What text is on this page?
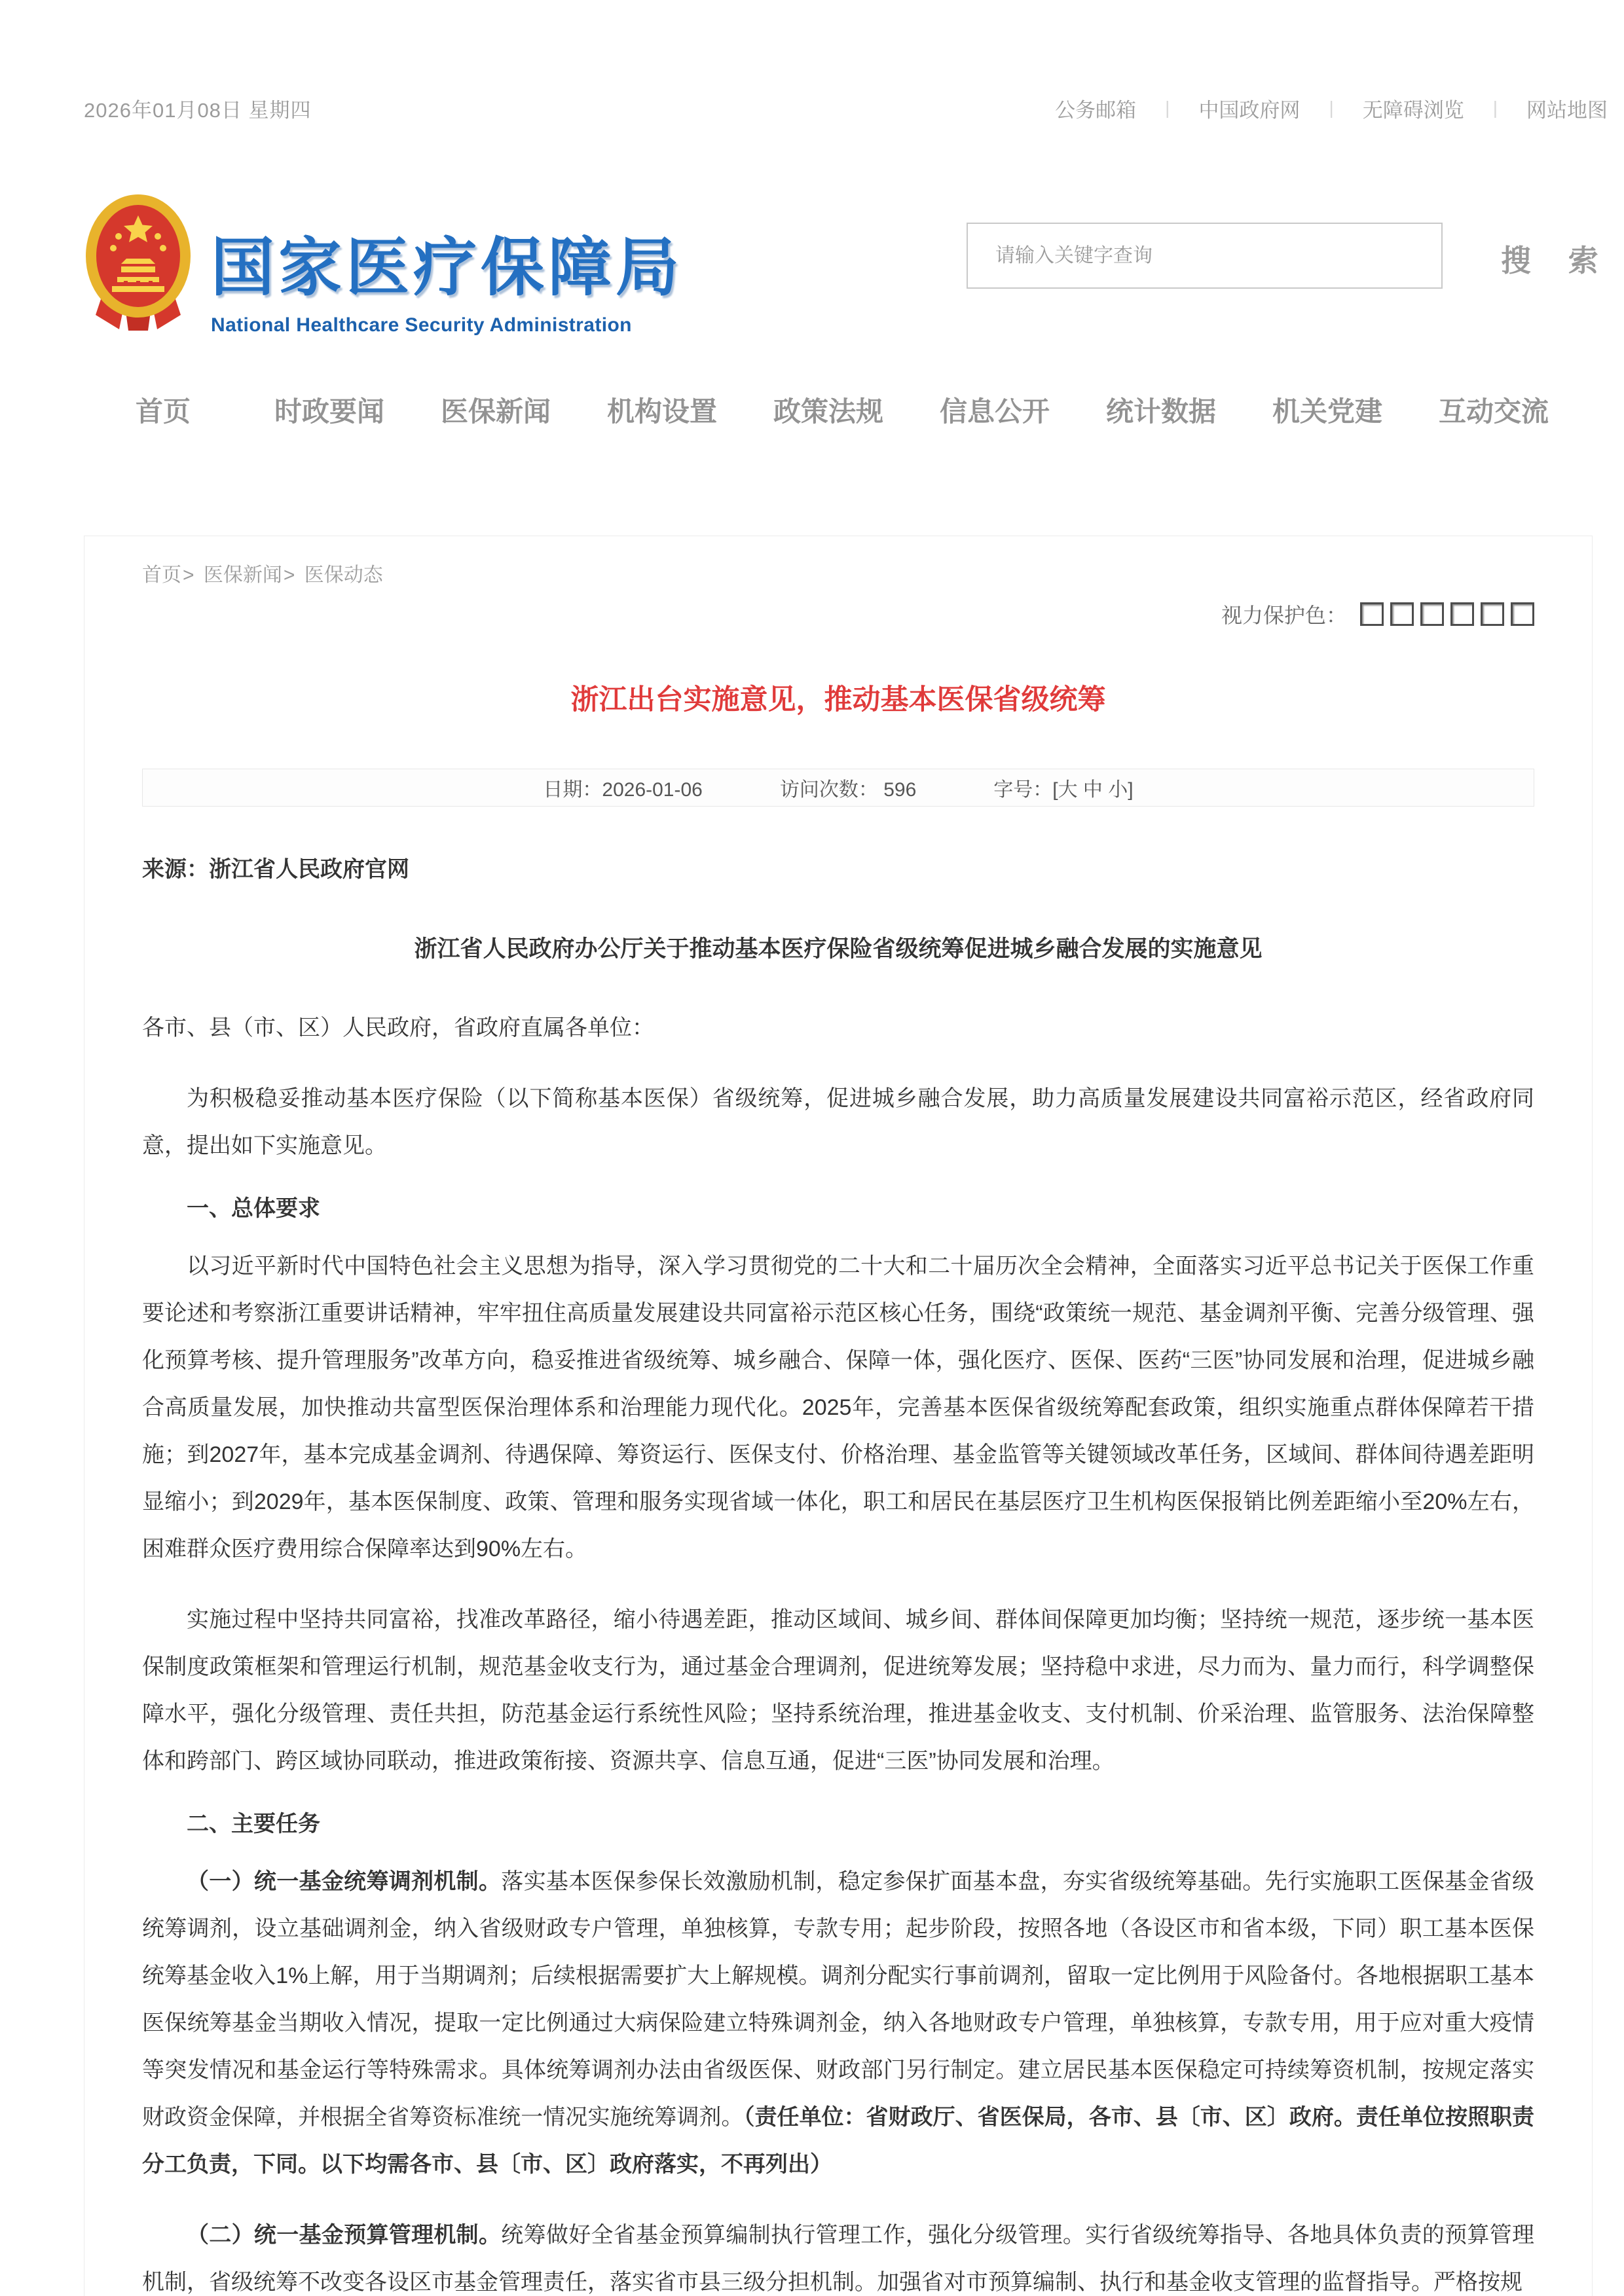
2026年01月08日 星期四	公务邮箱 | 中国政府网 | 无障碍浏览 | 网站地图
国家医疗保障局
National Healthcare Security Administration
请输入关键字查询
搜 索
首页	时政要闻	医保新闻	机构设置	政策法规	信息公开	统计数据	机关党建	互动交流
首页> 医保新闻> 医保动态
视力保护色：
浙江出台实施意见，推动基本医保省级统筹
日期：2026-01-06	访问次数： 596	字号：[大 中 小]

来源：浙江省人民政府官网

浙江省人民政府办公厅关于推动基本医疗保险省级统筹促进城乡融合发展的实施意见

各市、县（市、区）人民政府，省政府直属各单位：

为积极稳妥推动基本医疗保险（以下简称基本医保）省级统筹，促进城乡融合发展，助力高质量发展建设共同富裕示范区，经省政府同意，提出如下实施意见。

一、总体要求

以习近平新时代中国特色社会主义思想为指导，深入学习贯彻党的二十大和二十届历次全会精神，全面落实习近平总书记关于医保工作重要论述和考察浙江重要讲话精神，牢牢扭住高质量发展建设共同富裕示范区核心任务，围绕“政策统一规范、基金调剂平衡、完善分级管理、强化预算考核、提升管理服务”改革方向，稳妥推进省级统筹、城乡融合、保障一体，强化医疗、医保、医药“三医”协同发展和治理，促进城乡融合高质量发展，加快推动共富型医保治理体系和治理能力现代化。2025年，完善基本医保省级统筹配套政策，组织实施重点群体保障若干措施；到2027年，基本完成基金调剂、待遇保障、筹资运行、医保支付、价格治理、基金监管等关键领域改革任务，区域间、群体间待遇差距明显缩小；到2029年，基本医保制度、政策、管理和服务实现省域一体化，职工和居民在基层医疗卫生机构医保报销比例差距缩小至20%左右，困难群众医疗费用综合保障率达到90%左右。

实施过程中坚持共同富裕，找准改革路径，缩小待遇差距，推动区域间、城乡间、群体间保障更加均衡；坚持统一规范，逐步统一基本医保制度政策框架和管理运行机制，规范基金收支行为，通过基金合理调剂，促进统筹发展；坚持稳中求进，尽力而为、量力而行，科学调整保障水平，强化分级管理、责任共担，防范基金运行系统性风险；坚持系统治理，推进基金收支、支付机制、价采治理、监管服务、法治保障整体和跨部门、跨区域协同联动，推进政策衔接、资源共享、信息互通，促进“三医”协同发展和治理。

二、主要任务

（一）统一基金统筹调剂机制。落实基本医保参保长效激励机制，稳定参保扩面基本盘，夯实省级统筹基础。先行实施职工医保基金省级统筹调剂，设立基础调剂金，纳入省级财政专户管理，单独核算，专款专用；起步阶段，按照各地（各设区市和省本级，下同）职工基本医保统筹基金收入1%上解，用于当期调剂；后续根据需要扩大上解规模。调剂分配实行事前调剂，留取一定比例用于风险备付。各地根据职工基本医保统筹基金当期收入情况，提取一定比例通过大病保险建立特殊调剂金，纳入各地财政专户管理，单独核算，专款专用，用于应对重大疫情等突发情况和基金运行等特殊需求。具体统筹调剂办法由省级医保、财政部门另行制定。建立居民基本医保稳定可持续筹资机制，按规定落实财政资金保障，并根据全省筹资标准统一情况实施统筹调剂。（责任单位：省财政厅、省医保局，各市、县〔市、区〕政府。责任单位按照职责分工负责，下同。以下均需各市、县〔市、区〕政府落实，不再列出）

（二）统一基金预算管理机制。统筹做好全省基金预算编制执行管理工作，强化分级管理。实行省级统筹指导、各地具体负责的预算管理机制，省级统筹不改变各设区市基金管理责任，落实省市县三级分担机制。加强省对市预算编制、执行和基金收支管理的监督指导。严格按规
